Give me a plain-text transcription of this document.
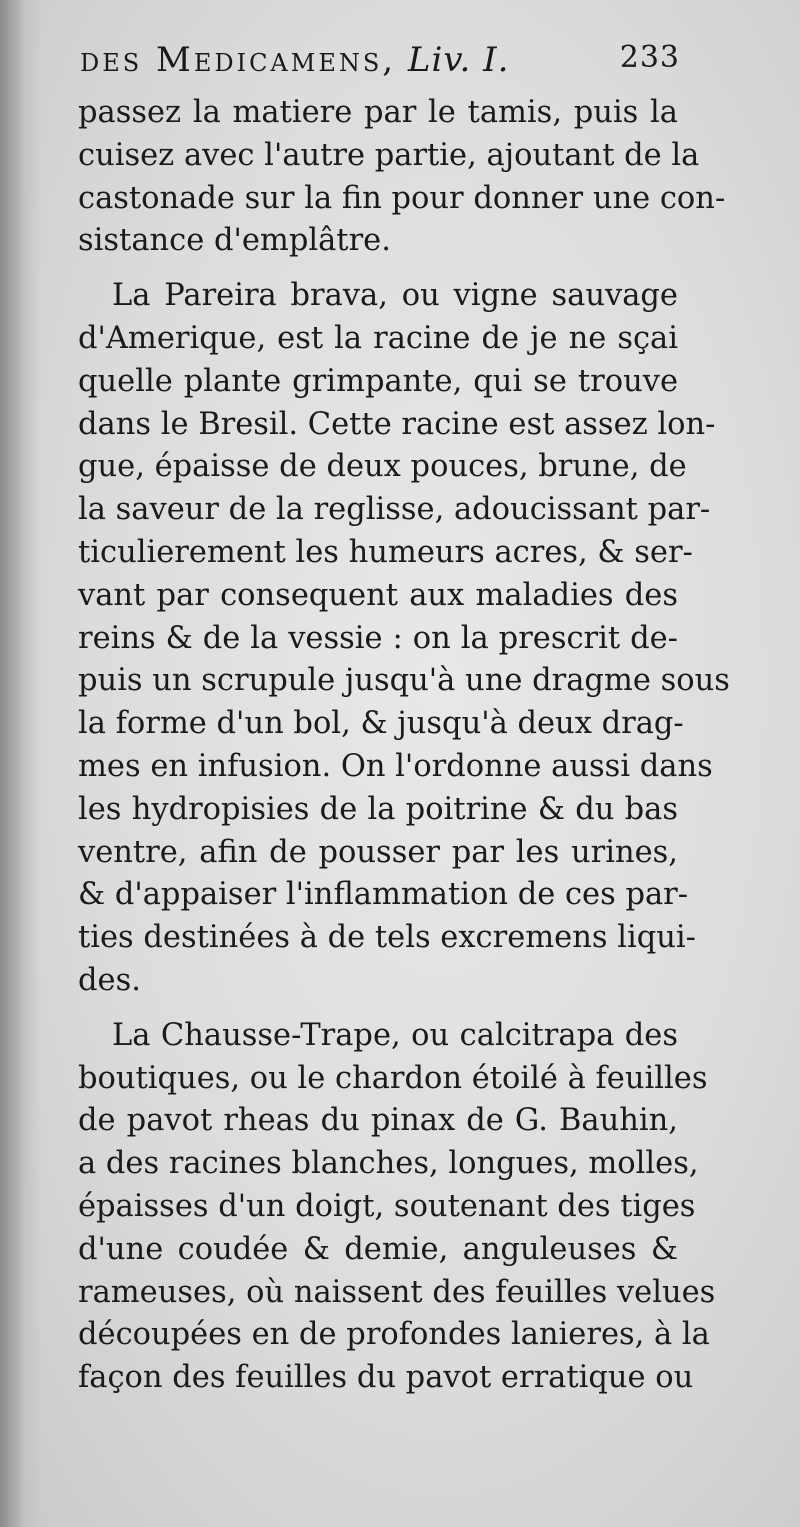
des Medicamens, Liv. I.	233
passez la matiere par le tamis, puis la
cuisez avec l'autre partie, ajoutant de la
castonade sur la fin pour donner une con-
sistance d'emplâtre.
La Pareira brava, ou vigne sauvage
d'Amerique, est la racine de je ne sçai
quelle plante grimpante, qui se trouve
dans le Bresil. Cette racine est assez lon-
gue, épaisse de deux pouces, brune, de
la saveur de la reglisse, adoucissant par-
ticulierement les humeurs acres, & ser-
vant par consequent aux maladies des
reins & de la vessie : on la prescrit de-
puis un scrupule jusqu'à une dragme sous
la forme d'un bol, & jusqu'à deux drag-
mes en infusion. On l'ordonne aussi dans
les hydropisies de la poitrine & du bas
ventre, afin de pousser par les urines,
& d'appaiser l'inflammation de ces par-
ties destinées à de tels excremens liqui-
des.
La Chausse-Trape, ou calcitrapa des
boutiques, ou le chardon étoilé à feuilles
de pavot rheas du pinax de G. Bauhin,
a des racines blanches, longues, molles,
épaisses d'un doigt, soutenant des tiges
d'une coudée & demie, anguleuses &
rameuses, où naissent des feuilles velues
découpées en de profondes lanieres, à la
façon des feuilles du pavot erratique ou
